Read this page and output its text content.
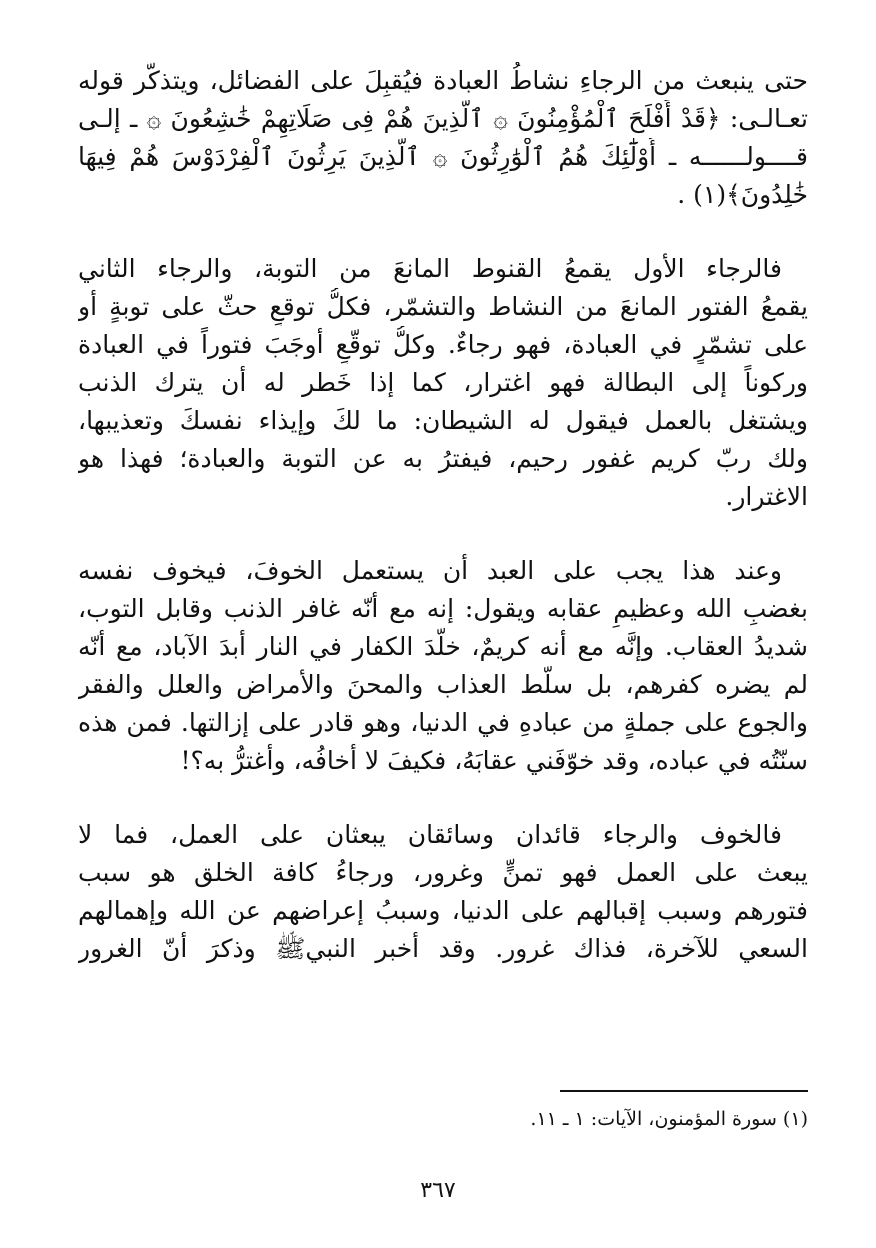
حتى ينبعث من الرجاءِ نشاطُ العبادة فيُقبِلَ على الفضائل، ويتذكَّر قوله
تعـالـى: ﴿قَدْ أَفْلَحَ ٱلْمُؤْمِنُونَ ۞ ٱلَّذِينَ هُمْ فِى صَلَاتِهِمْ خَٰشِعُونَ ۞ ـ إلـى
قــــولــــــه ـ أُوْلَٰٓئِكَ هُمُ ٱلْوَٰرِثُونَ ۞ ٱلَّذِينَ يَرِثُونَ ٱلْفِرْدَوْسَ هُمْ فِيهَا
خَٰلِدُونَ﴾(١) .

فالرجاء الأول يقمعُ القنوط المانعَ من التوبة، والرجاء الثاني
يقمعُ الفتور المانعَ من النشاط والتشمّر، فكلُّ توقعٍ حثّ على توبةٍ أو
على تشمّرٍ في العبادة، فهو رجاءٌ. وكلُّ توقّعٍ أوجَبَ فتوراً في العبادة
وركوناً إلى البطالة فهو اغترار، كما إذا خَطر له أن يترك الذنب
ويشتغل بالعمل فيقول له الشيطان: ما لكَ وإيذاء نفسكَ وتعذيبها،
ولك ربّ كريم غفور رحيم، فيفترُ به عن التوبة والعبادة؛ فهذا هو
الاغترار.

وعند هذا يجب على العبد أن يستعمل الخوفَ، فيخوف نفسه
بغضبِ الله وعظيمِ عقابه ويقول: إنه مع أنّه غافر الذنب وقابل التوب،
شديدُ العقاب. وإنَّه مع أنه كريمٌ، خلّدَ الكفار في النار أبدَ الآباد، مع أنّه
لم يضره كفرهم، بل سلّط العذاب والمحنَ والأمراض والعلل والفقر
والجوع على جملةٍ من عبادهِ في الدنيا، وهو قادر على إزالتها. فمن هذه
سنّتُه في عباده، وقد خوّفَني عقابَهُ، فكيفَ لا أخافُه، وأغترُّ به؟!

فالخوف والرجاء قائدان وسائقان يبعثان على العمل، فما لا
يبعث على العمل فهو تمنٍّ وغرور، ورجاءُ كافة الخلق هو سبب
فتورهم وسبب إقبالهم على الدنيا، وسببُ إعراضهم عن الله وإهمالهم
السعي للآخرة، فذاك غرور. وقد أخبر النبيﷺ وذكرَ أنّ الغرور

(١) سورة المؤمنون، الآيات: ١ ـ ١١.
٣٦٧
